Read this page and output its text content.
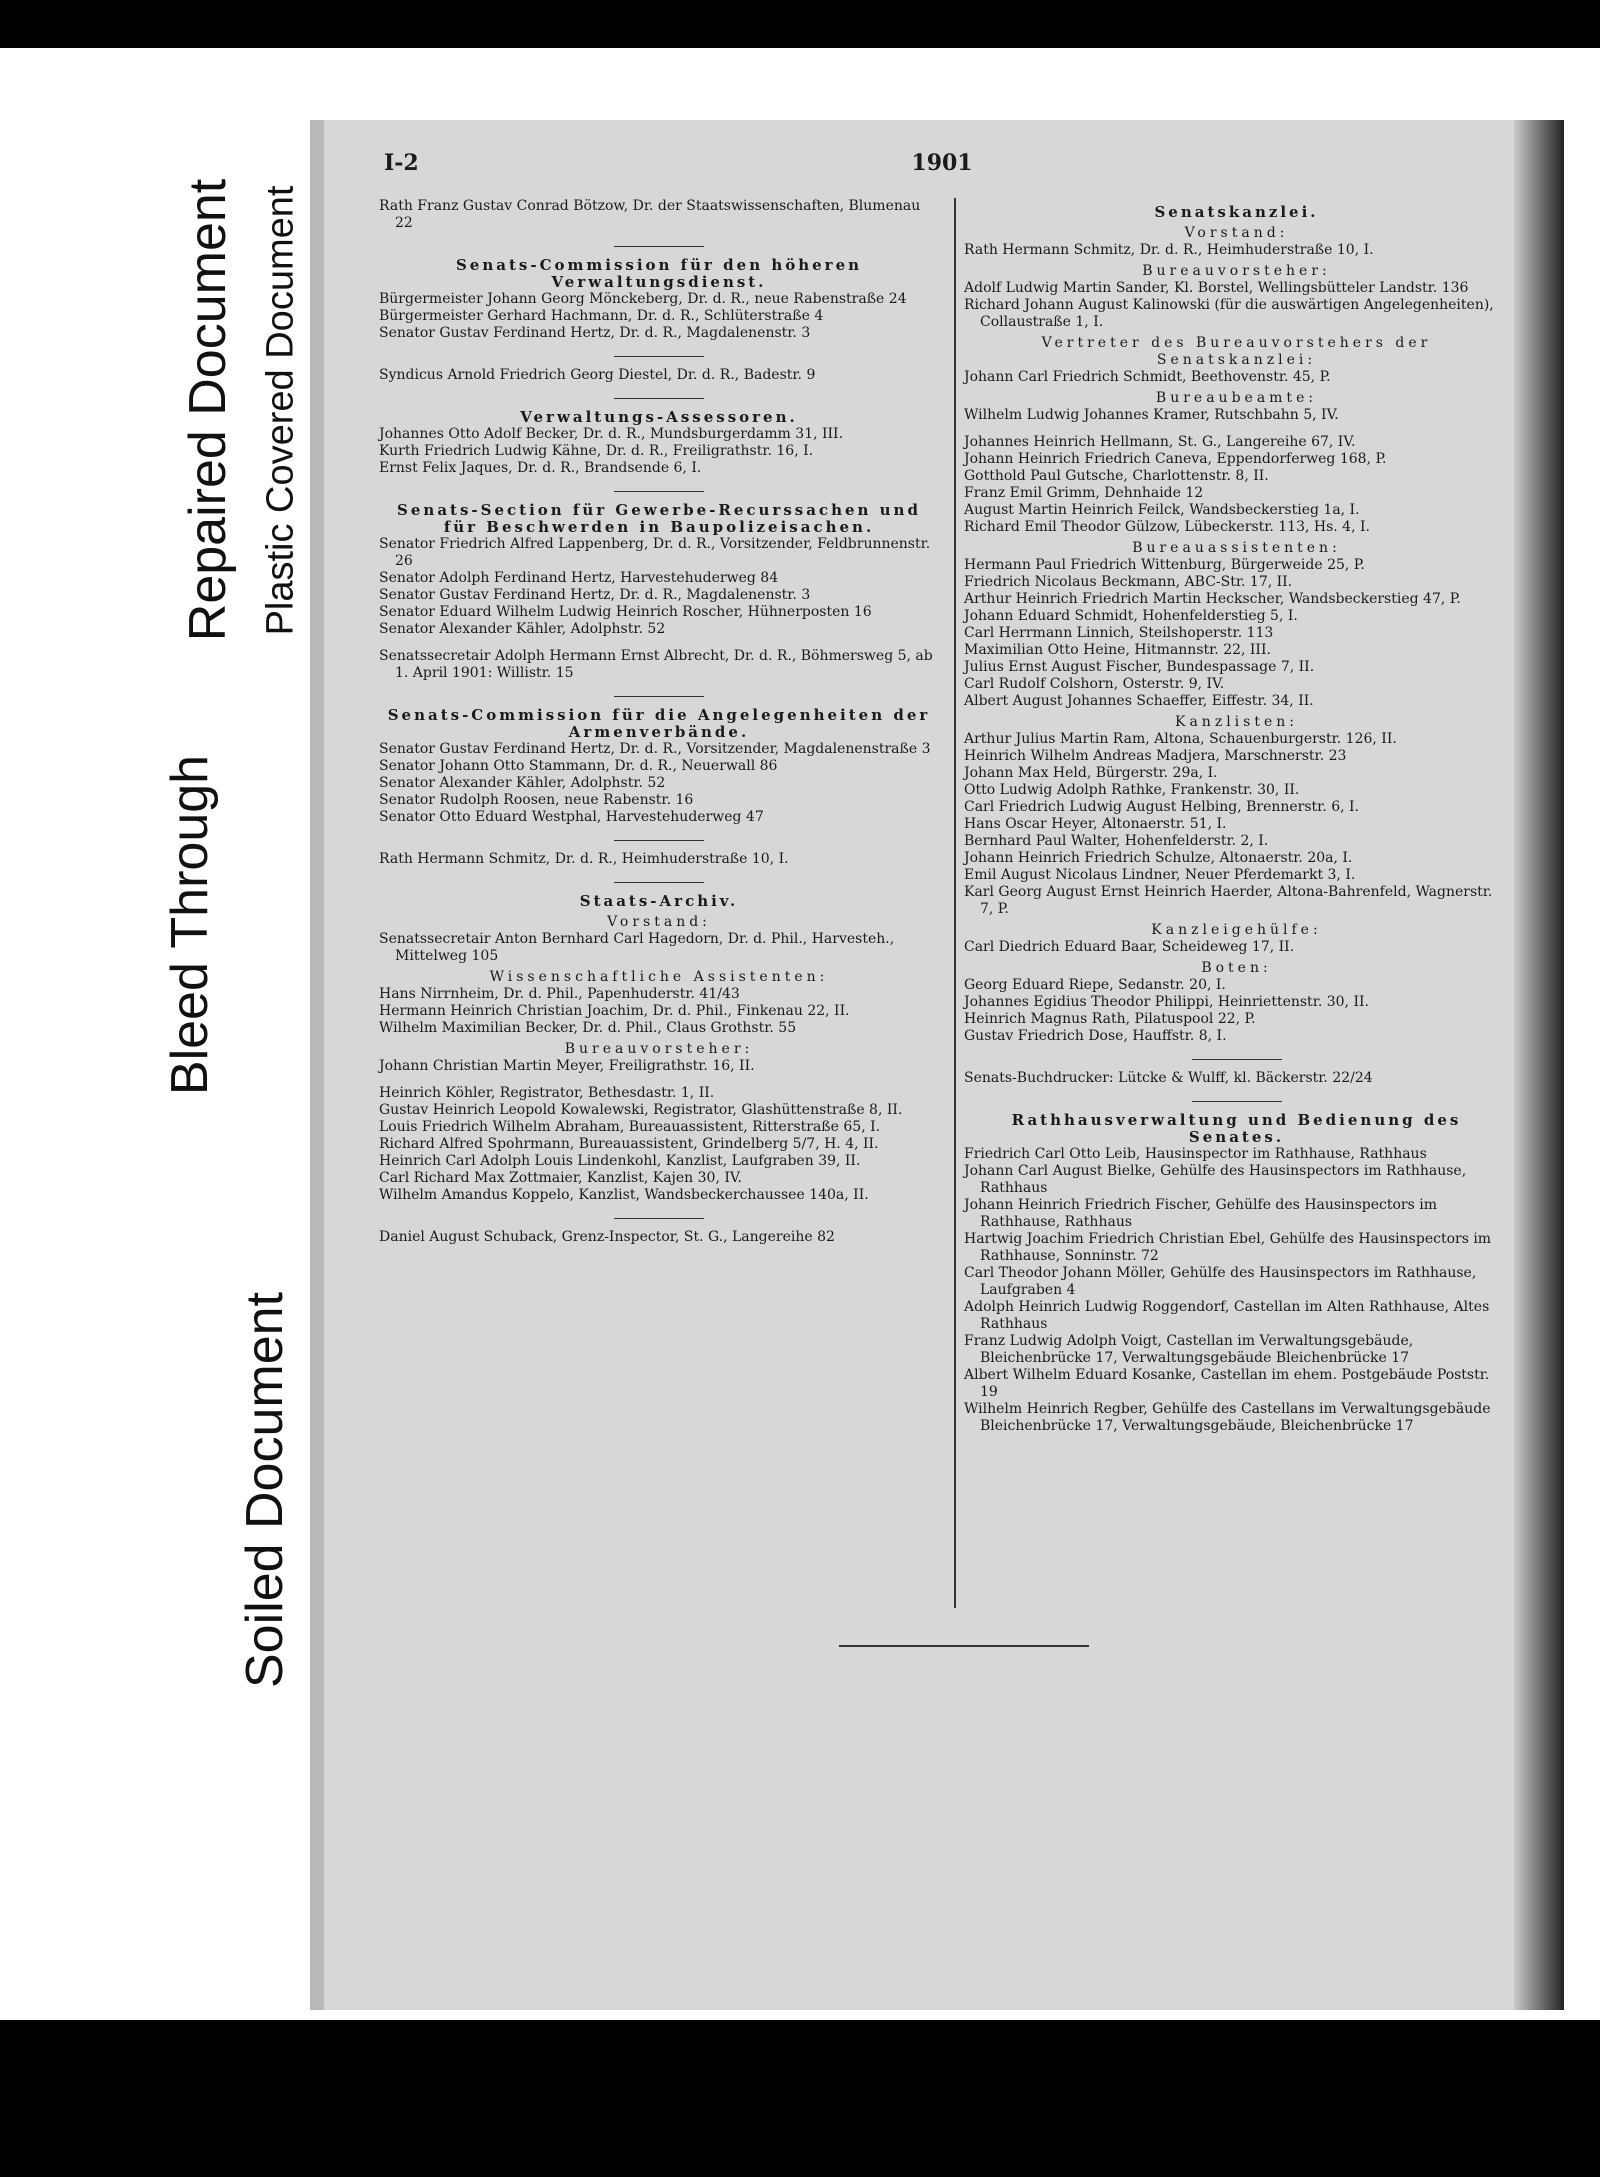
Bleed Through
Repaired Document Plastic Covered Document
Soiled Document
I-2	1901
Rath Franz Gustav Conrad Bötzow, Dr. der Staatswissenschaften, Blumenau 22
Senats-Commission für den höheren Verwaltungsdienst.
Bürgermeister Johann Georg Mönckeberg, Dr. d. R., neue Rabenstraße 24
Bürgermeister Gerhard Hachmann, Dr. d. R., Schlüterstraße 4
Senator Gustav Ferdinand Hertz, Dr. d. R., Magdalenenstr. 3
Syndicus Arnold Friedrich Georg Diestel, Dr. d. R., Badestr. 9
Verwaltungs-Assessoren.
Johannes Otto Adolf Becker, Dr. d. R., Mundsburgerdamm 31, III.
Kurth Friedrich Ludwig Kähne, Dr. d. R., Freiligrathstr. 16, I.
Ernst Felix Jaques, Dr. d. R., Brandsende 6, I.
Senats-Section für Gewerbe-Recurssachen und für Beschwerden in Baupolizeisachen.
Senator Friedrich Alfred Lappenberg, Dr. d. R., Vorsitzender, Feldbrunnenstr. 26
Senator Adolph Ferdinand Hertz, Harvestehuderweg 84
Senator Gustav Ferdinand Hertz, Dr. d. R., Magdalenenstr. 3
Senator Eduard Wilhelm Ludwig Heinrich Roscher, Hühnerposten 16
Senator Alexander Kähler, Adolphstr. 52
Senatssecretair Adolph Hermann Ernst Albrecht, Dr. d. R., Böhmersweg 5, ab 1. April 1901: Willistr. 15
Senats-Commission für die Angelegenheiten der Armenverbände.
Senator Gustav Ferdinand Hertz, Dr. d. R., Vorsitzender, Magdalenenstraße 3
Senator Johann Otto Stammann, Dr. d. R., Neuerwall 86
Senator Alexander Kähler, Adolphstr. 52
Senator Rudolph Roosen, neue Rabenstr. 16
Senator Otto Eduard Westphal, Harvestehuderweg 47
Rath Hermann Schmitz, Dr. d. R., Heimhuderstraße 10, I.
Staats-Archiv.
Vorstand:
Senatssecretair Anton Bernhard Carl Hagedorn, Dr. d. Phil., Harvesteh., Mittelweg 105
Wissenschaftliche Assistenten:
Hans Nirrnheim, Dr. d. Phil., Papenhuderstr. 41/43
Hermann Heinrich Christian Joachim, Dr. d. Phil., Finkenau 22, II.
Wilhelm Maximilian Becker, Dr. d. Phil., Claus Grothstr. 55
Bureauvorsteher:
Johann Christian Martin Meyer, Freiligrathstr. 16, II.
Heinrich Köhler, Registrator, Bethesdastr. 1, II.
Gustav Heinrich Leopold Kowalewski, Registrator, Glashüttenstraße 8, II.
Louis Friedrich Wilhelm Abraham, Bureauassistent, Ritterstraße 65, I.
Richard Alfred Spohrmann, Bureauassistent, Grindelberg 5/7, H. 4, II.
Heinrich Carl Adolph Louis Lindenkohl, Kanzlist, Laufgraben 39, II.
Carl Richard Max Zottmaier, Kanzlist, Kajen 30, IV.
Wilhelm Amandus Koppelo, Kanzlist, Wandsbeckerchaussee 140a, II.
Daniel August Schuback, Grenz-Inspector, St. G., Langereihe 82
Senatskanzlei.
Vorstand:
Rath Hermann Schmitz, Dr. d. R., Heimhuderstraße 10, I.
Bureauvorsteher:
Adolf Ludwig Martin Sander, Kl. Borstel, Wellingsbütteler Landstr. 136
Richard Johann August Kalinowski (für die auswärtigen Angelegenheiten), Collaustraße 1, I.
Vertreter des Bureauvorstehers der Senatskanzlei:
Johann Carl Friedrich Schmidt, Beethovenstr. 45, P.
Bureaubeamte:
Wilhelm Ludwig Johannes Kramer, Rutschbahn 5, IV.
Johannes Heinrich Hellmann, St. G., Langereihe 67, IV.
Johann Heinrich Friedrich Caneva, Eppendorferweg 168, P.
Gotthold Paul Gutsche, Charlottenstr. 8, II.
Franz Emil Grimm, Dehnhaide 12
August Martin Heinrich Feilck, Wandsbeckerstieg 1a, I.
Richard Emil Theodor Gülzow, Lübeckerstr. 113, Hs. 4, I.
Bureauassistenten:
Hermann Paul Friedrich Wittenburg, Bürgerweide 25, P.
Friedrich Nicolaus Beckmann, ABC-Str. 17, II.
Arthur Heinrich Friedrich Martin Heckscher, Wandsbeckerstieg 47, P.
Johann Eduard Schmidt, Hohenfelderstieg 5, I.
Carl Herrmann Linnich, Steilshoperstr. 113
Maximilian Otto Heine, Hitmannstr. 22, III.
Julius Ernst August Fischer, Bundespassage 7, II.
Carl Rudolf Colshorn, Osterstr. 9, IV.
Albert August Johannes Schaeffer, Eiffestr. 34, II.
Kanzlisten:
Arthur Julius Martin Ram, Altona, Schauenburgerstr. 126, II.
Heinrich Wilhelm Andreas Madjera, Marschnerstr. 23
Johann Max Held, Bürgerstr. 29a, I.
Otto Ludwig Adolph Rathke, Frankenstr. 30, II.
Carl Friedrich Ludwig August Helbing, Brennerstr. 6, I.
Hans Oscar Heyer, Altonaerstr. 51, I.
Bernhard Paul Walter, Hohenfelderstr. 2, I.
Johann Heinrich Friedrich Schulze, Altonaerstr. 20a, I.
Emil August Nicolaus Lindner, Neuer Pferdemarkt 3, I.
Karl Georg August Ernst Heinrich Haerder, Altona-Bahrenfeld, Wagnerstr. 7, P.
Kanzleigehülfe:
Carl Diedrich Eduard Baar, Scheideweg 17, II.
Boten:
Georg Eduard Riepe, Sedanstr. 20, I.
Johannes Egidius Theodor Philippi, Heinriettenstr. 30, II.
Heinrich Magnus Rath, Pilatuspool 22, P.
Gustav Friedrich Dose, Hauffstr. 8, I.
Senats-Buchdrucker: Lütcke & Wulff, kl. Bäckerstr. 22/24
Rathhausverwaltung und Bedienung des Senates.
Friedrich Carl Otto Leib, Hausinspector im Rathhause, Rathhaus
Johann Carl August Bielke, Gehülfe des Hausinspectors im Rathhause, Rathhaus
Johann Heinrich Friedrich Fischer, Gehülfe des Hausinspectors im Rathhause, Rathhaus
Hartwig Joachim Friedrich Christian Ebel, Gehülfe des Hausinspectors im Rathhause, Sonninstr. 72
Carl Theodor Johann Möller, Gehülfe des Hausinspectors im Rathhause, Laufgraben 4
Adolph Heinrich Ludwig Roggendorf, Castellan im Alten Rathhause, Altes Rathhaus
Franz Ludwig Adolph Voigt, Castellan im Verwaltungsgebäude, Bleichenbrücke 17, Verwaltungsgebäude Bleichenbrücke 17
Albert Wilhelm Eduard Kosanke, Castellan im ehem. Postgebäude Poststr. 19
Wilhelm Heinrich Regber, Gehülfe des Castellans im Verwaltungsgebäude Bleichenbrücke 17, Verwaltungsgebäude, Bleichenbrücke 17
